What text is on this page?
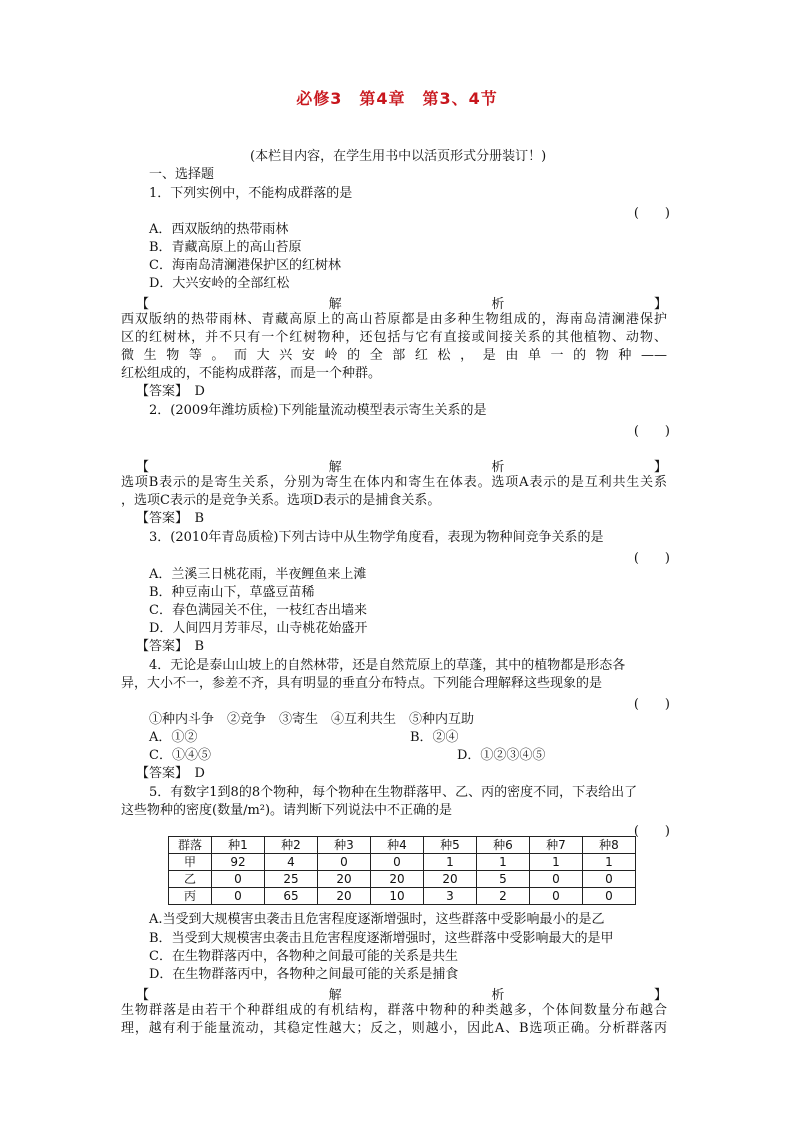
必修3　第4章　第3、4节
(本栏目内容，在学生用书中以活页形式分册装订！)
一、选择题
1．下列实例中，不能构成群落的是
(　　)
A．西双版纳的热带雨林
B．青藏高原上的高山苔原
C．海南岛清澜港保护区的红树林
D．大兴安岭的全部红松
【	解	析	】
西双版纳的热带雨林、青藏高原上的高山苔原都是由多种生物组成的，海南岛清澜港保护
区的红树林，并不只有一个红树物种，还包括与它有直接或间接关系的其他植物、动物、
微生物等。而大兴安岭的全部红松，是由单一的物种——
红松组成的，不能构成群落，而是一个种群。
【答案】　 D
2．(2009年潍坊质检)下列能量流动模型表示寄生关系的是
(　　)
【	解	析	】
选项B表示的是寄生关系，分别为寄生在体内和寄生在体表。选项A表示的是互利共生关系
，选项C表示的是竞争关系。选项D表示的是捕食关系。
【答案】　 B
3．(2010年青岛质检)下列古诗中从生物学角度看，表现为物种间竞争关系的是
(　　)
A．兰溪三日桃花雨，半夜鲤鱼来上滩
B．种豆南山下，草盛豆苗稀
C．春色满园关不住，一枝红杏出墙来
D．人间四月芳菲尽，山寺桃花始盛开
【答案】　 B
4．无论是泰山山坡上的自然林带，还是自然荒原上的草蓬，其中的植物都是形态各
异，大小不一，参差不齐，具有明显的垂直分布特点。下列能合理解释这些现象的是
(　　)
①种内斗争　②竞争　③寄生　④互利共生　⑤种内互助
A．①②	B．②④
C．①④⑤	D．①②③④⑤
【答案】　 D
5．有数字1到8的8个物种，每个物种在生物群落甲、乙、丙的密度不同，下表给出了
这些物种的密度(数量/m²)。请判断下列说法中不正确的是
(　　)
群落	种1	种2	种3	种4	种5	种6	种7	种8
甲	92	4	0	0	1	1	1	1
乙	0	25	20	20	20	5	0	0
丙	0	65	20	10	3	2	0	0
A.当受到大规模害虫袭击且危害程度逐渐增强时，这些群落中受影响最小的是乙
B．当受到大规模害虫袭击且危害程度逐渐增强时，这些群落中受影响最大的是甲
C．在生物群落丙中，各物种之间最可能的关系是共生
D．在生物群落丙中，各物种之间最可能的关系是捕食
【	解	析	】
生物群落是由若干个种群组成的有机结构，群落中物种的种类越多，个体间数量分布越合
理，越有利于能量流动，其稳定性越大；反之，则越小，因此A、B选项正确。分析群落丙
